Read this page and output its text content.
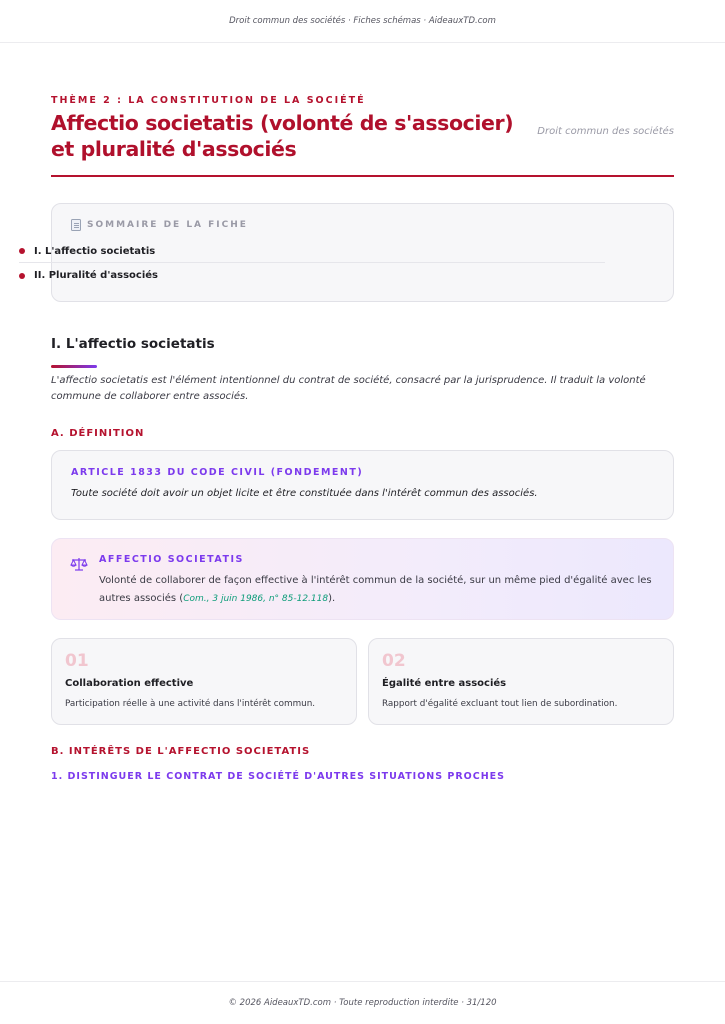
Droit commun des sociétés · Fiches schémas · AideauxTD.com
THÈME 2 : LA CONSTITUTION DE LA SOCIÉTÉ
Affectio societatis (volonté de s'associer) et pluralité d'associés
Droit commun des sociétés
SOMMAIRE DE LA FICHE
I. L'affectio societatis
II. Pluralité d'associés
I. L'affectio societatis
L'affectio societatis est l'élément intentionnel du contrat de société, consacré par la jurisprudence. Il traduit la volonté commune de collaborer entre associés.
A. DÉFINITION
ARTICLE 1833 DU CODE CIVIL (FONDEMENT)
Toute société doit avoir un objet licite et être constituée dans l'intérêt commun des associés.
AFFECTIO SOCIETATIS
Volonté de collaborer de façon effective à l'intérêt commun de la société, sur un même pied d'égalité avec les autres associés (Com., 3 juin 1986, n° 85-12.118).
01
Collaboration effective
Participation réelle à une activité dans l'intérêt commun.
02
Égalité entre associés
Rapport d'égalité excluant tout lien de subordination.
B. INTÉRÊTS DE L'AFFECTIO SOCIETATIS
1. DISTINGUER LE CONTRAT DE SOCIÉTÉ D'AUTRES SITUATIONS PROCHES
© 2026 AideauxTD.com · Toute reproduction interdite · 31/120
